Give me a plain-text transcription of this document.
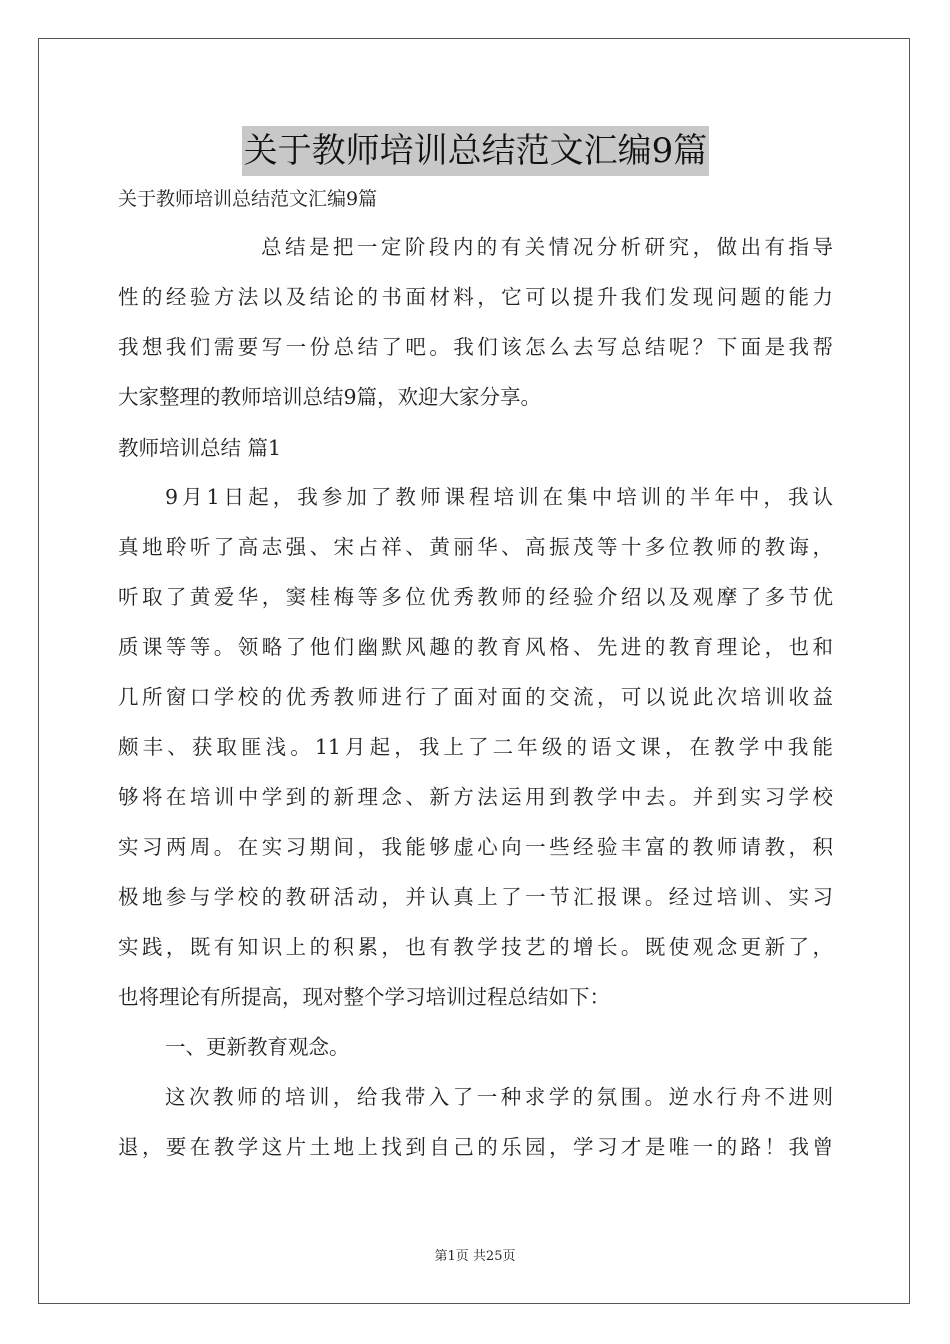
关于教师培训总结范文汇编9篇
关于教师培训总结范文汇编9篇
总结是把一定阶段内的有关情况分析研究，做出有指导
性的经验方法以及结论的书面材料，它可以提升我们发现问题的能力
我想我们需要写一份总结了吧。我们该怎么去写总结呢？下面是我帮
大家整理的教师培训总结9篇，欢迎大家分享。
教师培训总结 篇1
9月1日起，我参加了教师课程培训在集中培训的半年中，我认
真地聆听了高志强、宋占祥、黄丽华、高振茂等十多位教师的教诲，
听取了黄爱华，窦桂梅等多位优秀教师的经验介绍以及观摩了多节优
质课等等。领略了他们幽默风趣的教育风格、先进的教育理论，也和
几所窗口学校的优秀教师进行了面对面的交流，可以说此次培训收益
颇丰、获取匪浅。11月起，我上了二年级的语文课，在教学中我能
够将在培训中学到的新理念、新方法运用到教学中去。并到实习学校
实习两周。在实习期间，我能够虚心向一些经验丰富的教师请教，积
极地参与学校的教研活动，并认真上了一节汇报课。经过培训、实习
实践，既有知识上的积累，也有教学技艺的增长。既使观念更新了，
也将理论有所提高，现对整个学习培训过程总结如下：
一、更新教育观念。
这次教师的培训，给我带入了一种求学的氛围。逆水行舟不进则
退，要在教学这片土地上找到自己的乐园，学习才是唯一的路！我曾
第1页 共25页
